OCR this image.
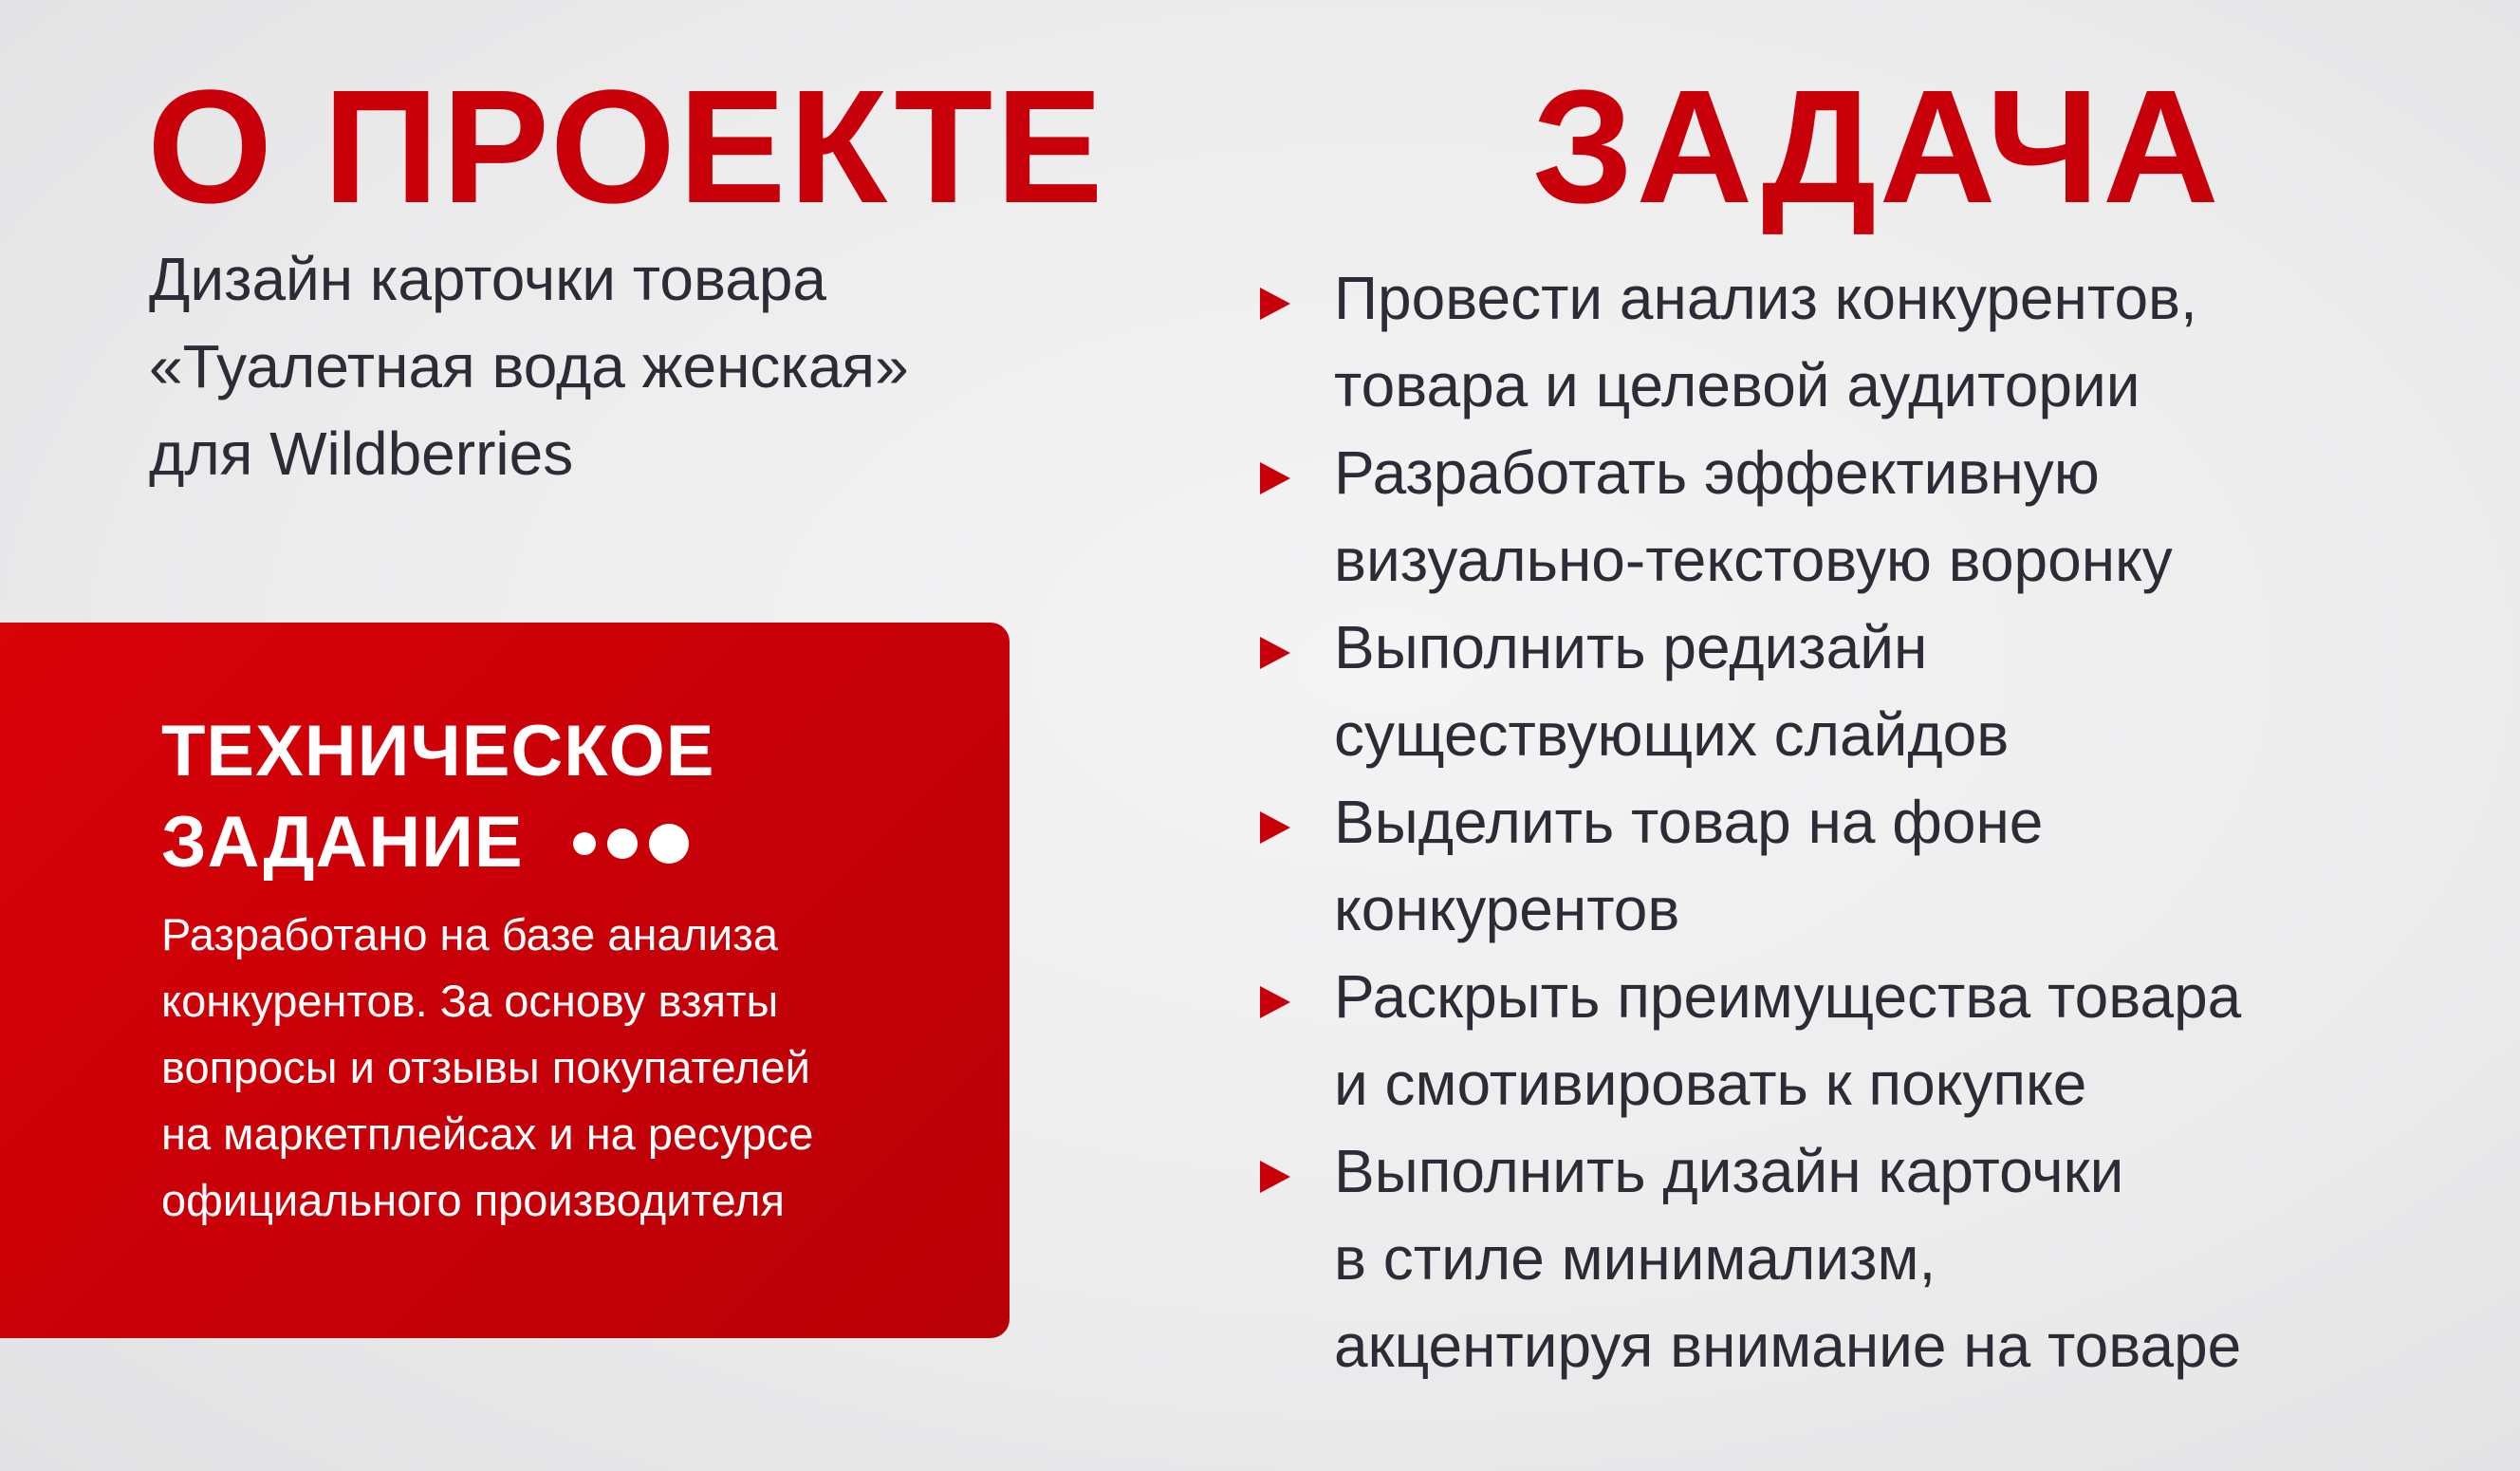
О ПРОЕКТЕ

Дизайн карточки товара
«Туалетная вода женская»
для Wildberries

ТЕХНИЧЕСКОЕ
ЗАДАНИЕ

Разработано на базе анализа
конкурентов. За основу взяты
вопросы и отзывы покупателей
на маркетплейсах и на ресурсе
официального производителя

ЗАДАЧА
Провести анализ конкурентов,
товара и целевой аудитории
Разработать эффективную
визуально-текстовую воронку
Выполнить редизайн
существующих слайдов
Выделить товар на фоне
конкурентов
Раскрыть преимущества товара
и смотивировать к покупке
Выполнить дизайн карточки
в стиле минимализм,
акцентируя внимание на товаре
